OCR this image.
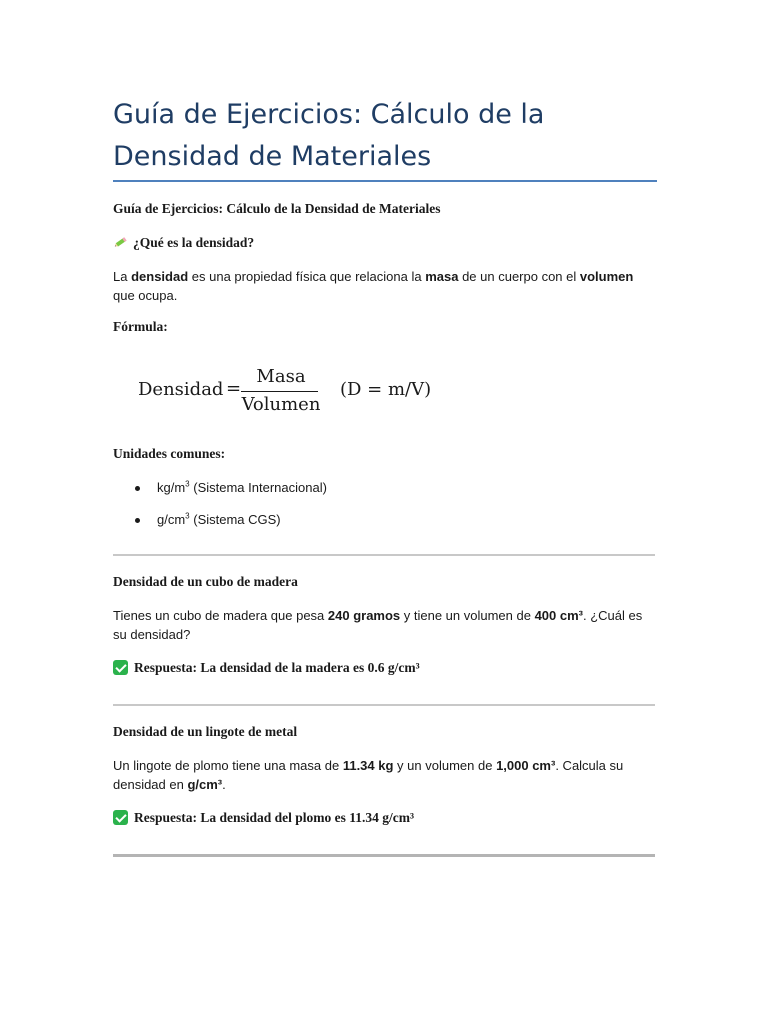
Guía de Ejercicios: Cálculo de la
Densidad de Materiales
Guía de Ejercicios: Cálculo de la Densidad de Materiales
¿Qué es la densidad?
La densidad es una propiedad física que relaciona la masa de un cuerpo con el volumen
que ocupa.
Fórmula:
Densidad =
Masa
Volumen
(D = m/V)
Unidades comunes:
$kg/m^3$ (Sistema Internacional)
$g/cm^3$ (Sistema CGS)
Densidad de un cubo de madera
Tienes un cubo de madera que pesa 240 gramos y tiene un volumen de 400 cm³. ¿Cuál es
su densidad?
Respuesta: La densidad de la madera es 0.6 g/cm³
Densidad de un lingote de metal
Un lingote de plomo tiene una masa de 11.34 kg y un volumen de 1,000 cm³. Calcula su
densidad en g/cm³.
Respuesta: La densidad del plomo es 11.34 g/cm³
